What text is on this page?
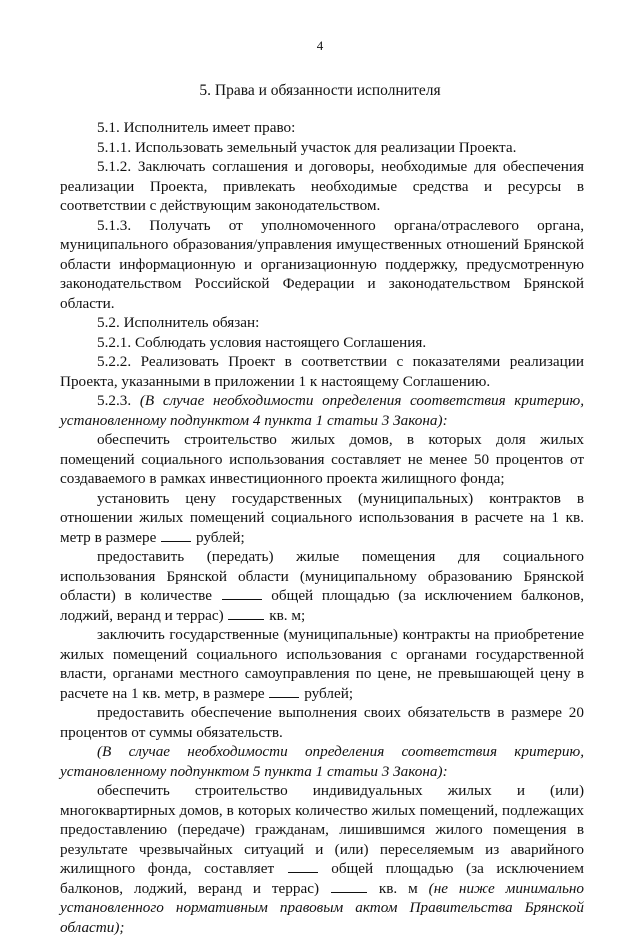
4
5. Права и обязанности исполнителя

5.1. Исполнитель имеет право:

5.1.1. Использовать земельный участок для реализации Проекта.

5.1.2. Заключать соглашения и договоры, необходимые для обеспечения реализации Проекта, привлекать необходимые средства и ресурсы в соответствии с действующим законодательством.

5.1.3. Получать от уполномоченного органа/отраслевого органа, муниципального образования/управления имущественных отношений Брянской области информационную и организационную поддержку, предусмотренную законодательством Российской Федерации и законодательством Брянской области.

5.2. Исполнитель обязан:

5.2.1. Соблюдать условия настоящего Соглашения.

5.2.2. Реализовать Проект в соответствии с показателями реализации Проекта, указанными в приложении 1 к настоящему Соглашению.

5.2.3. (В случае необходимости определения соответствия критерию, установленному подпунктом 4 пункта 1 статьи 3 Закона):

обеспечить строительство жилых домов, в которых доля жилых помещений социального использования составляет не менее 50 процентов от создаваемого в рамках инвестиционного проекта жилищного фонда;

установить цену государственных (муниципальных) контрактов в отношении жилых помещений социального использования в расчете на 1 кв. метр в размере	рублей;

предоставить (передать) жилые помещения для социального использования Брянской области (муниципальному образованию Брянской области) в количестве	общей площадью (за исключением балконов, лоджий, веранд и террас)	кв. м;

заключить государственные (муниципальные) контракты на приобретение жилых помещений социального использования с органами государственной власти, органами местного самоуправления по цене, не превышающей цену в расчете на 1 кв. метр, в размере	рублей;

предоставить обеспечение выполнения своих обязательств в размере 20 процентов от суммы обязательств.

(В случае необходимости определения соответствия критерию, установленному подпунктом 5 пункта 1 статьи 3 Закона):

обеспечить строительство индивидуальных жилых и (или) многоквартирных домов, в которых количество жилых помещений, подлежащих предоставлению (передаче) гражданам, лишившимся жилого помещения в результате чрезвычайных ситуаций и (или) переселяемым из аварийного жилищного фонда, составляет	общей площадью (за исключением балконов, лоджий, веранд и террас)	кв. м (не ниже минимально установленного нормативным правовым актом Правительства Брянской области);
